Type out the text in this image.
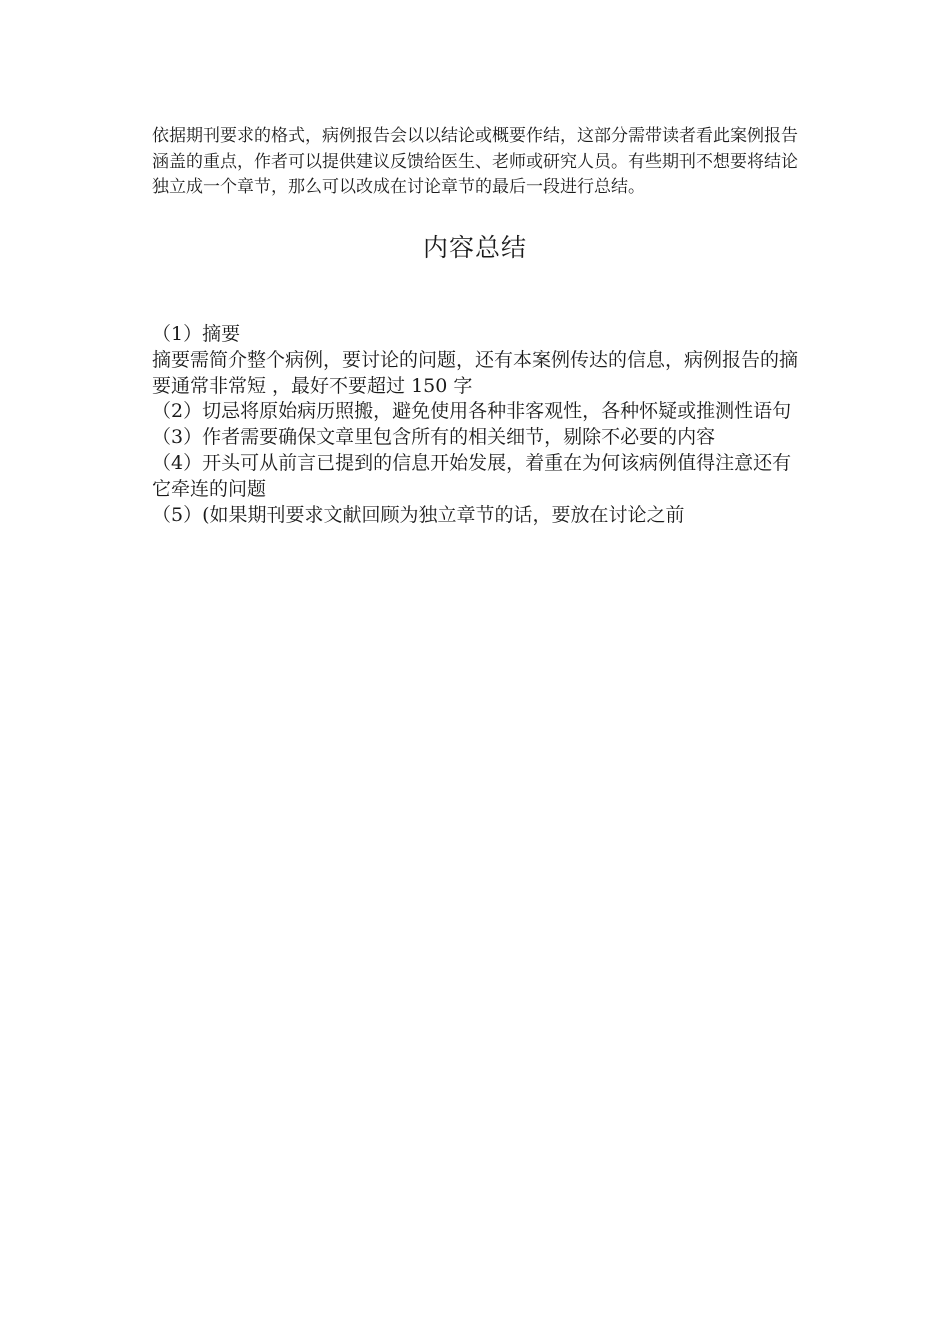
依据期刊要求的格式，病例报告会以以结论或概要作结，这部分需带读者看此案例报告涵盖的重点，作者可以提供建议反馈给医生、老师或研究人员。有些期刊不想要将结论独立成一个章节，那么可以改成在讨论章节的最后一段进行总结。

内容总结
（1）摘要
摘要需简介整个病例，要讨论的问题，还有本案例传达的信息，病例报告的摘要通常非常短 ，最好不要超过 150 字
（2）切忌将原始病历照搬，避免使用各种非客观性，各种怀疑或推测性语句
（3）作者需要确保文章里包含所有的相关细节，剔除不必要的内容
（4）开头可从前言已提到的信息开始发展，着重在为何该病例值得注意还有它牵连的问题
（5）(如果期刊要求文献回顾为独立章节的话，要放在讨论之前
